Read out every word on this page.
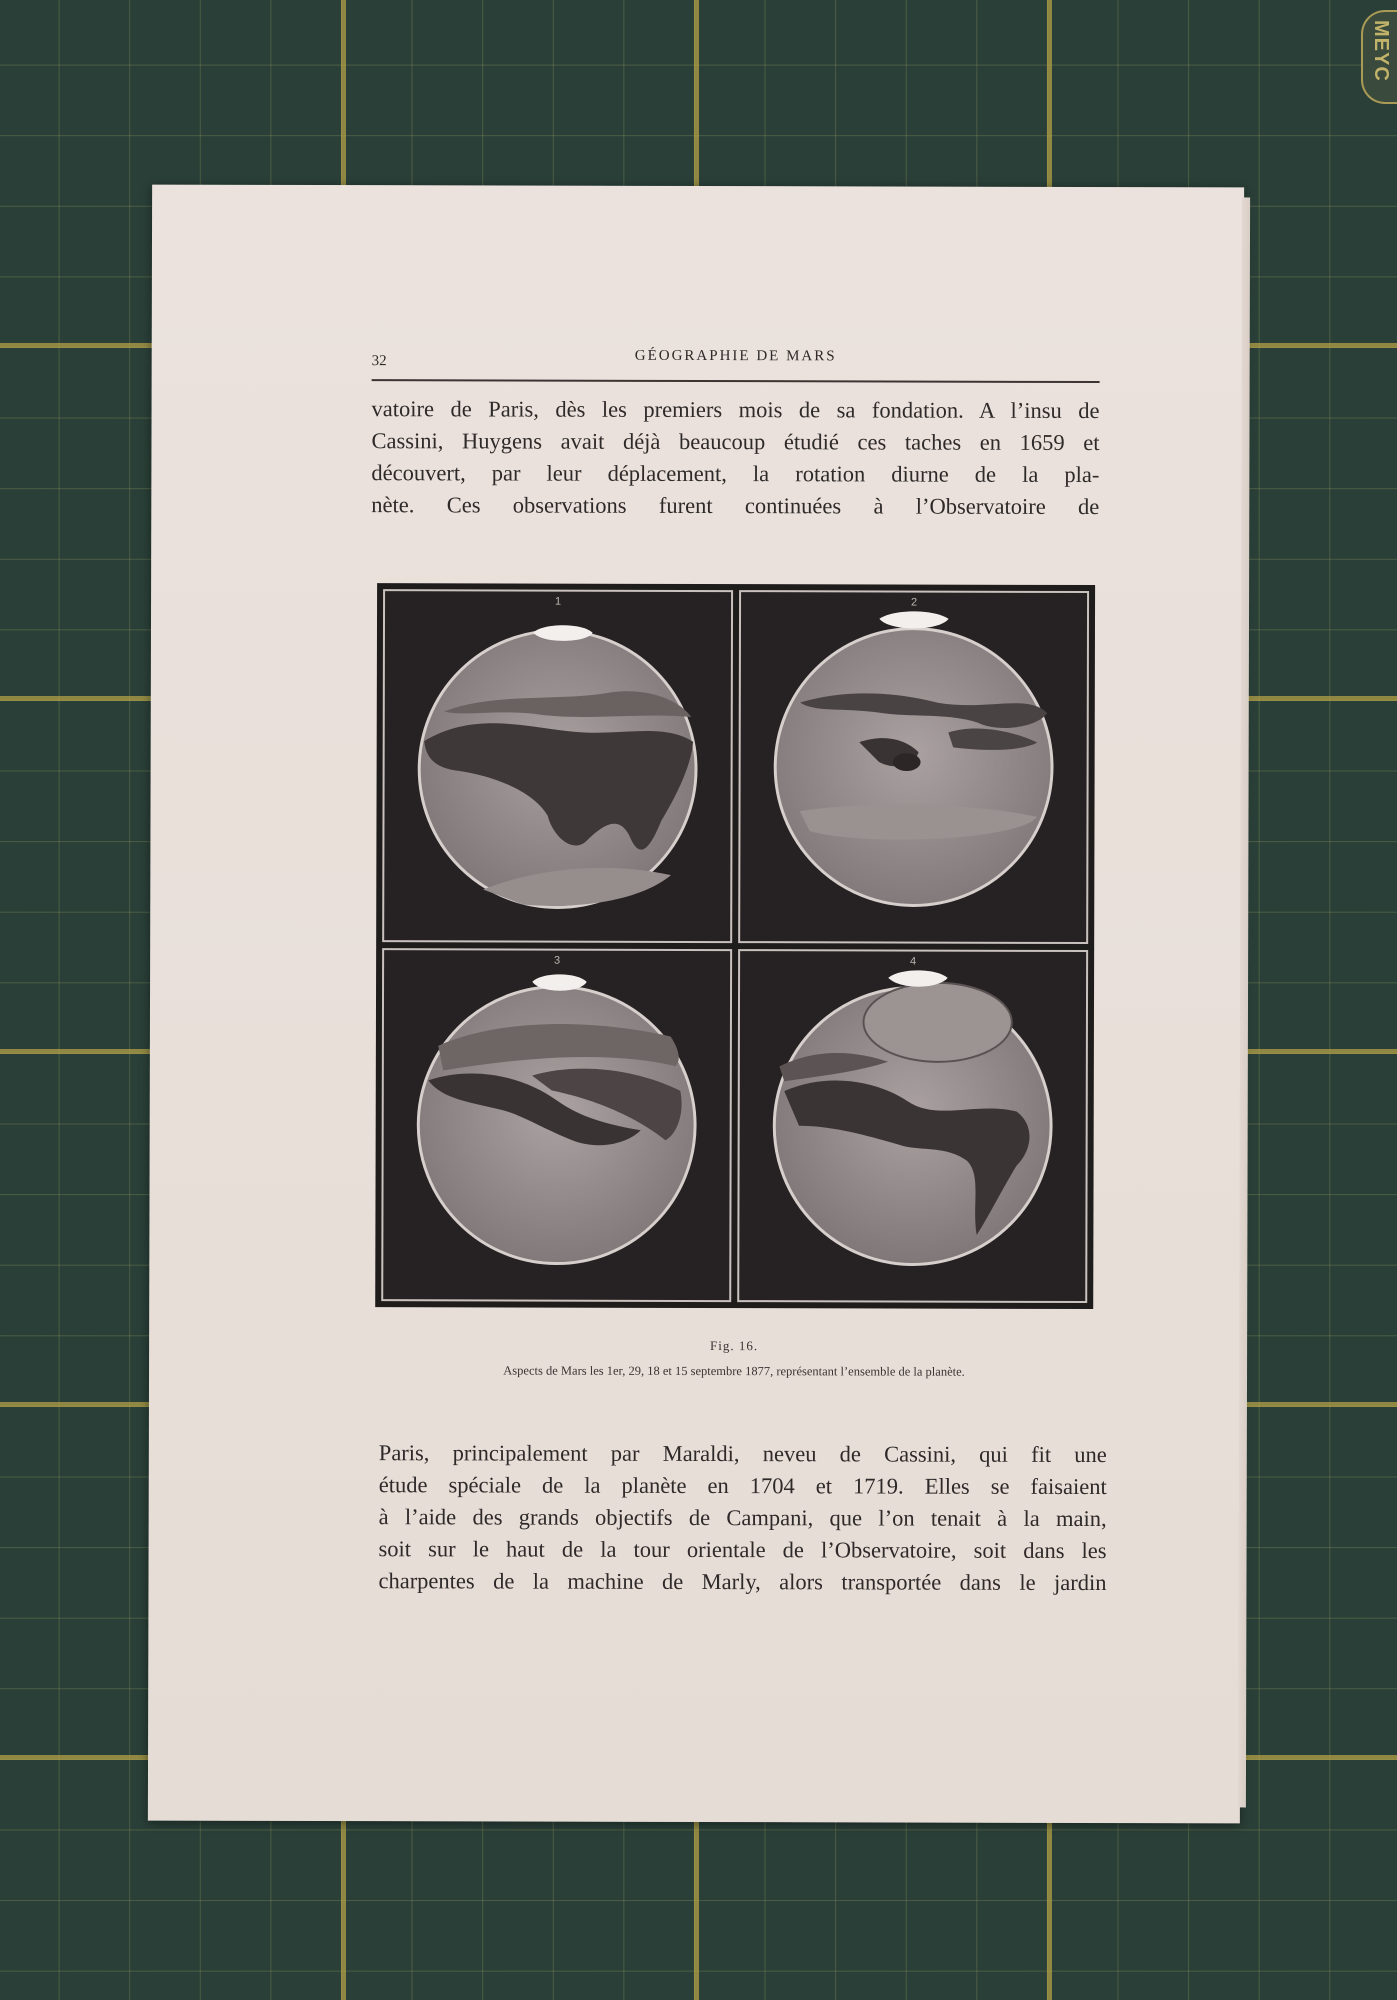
MEYC
32	GÉOGRAPHIE DE MARS

vatoire de Paris, dès les premiers mois de sa fondation. A l’insu de
Cassini, Huygens avait déjà beaucoup étudié ces taches en 1659 et
découvert, par leur déplacement, la rotation diurne de la pla-
nète. Ces observations furent continuées à l’Observatoire de

1	2
3	4
Fig. 16.
Aspects de Mars les 1er, 29, 18 et 15 septembre 1877, représentant l’ensemble de la planète.

Paris, principalement par Maraldi, neveu de Cassini, qui fit une
étude spéciale de la planète en 1704 et 1719. Elles se faisaient
à l’aide des grands objectifs de Campani, que l’on tenait à la main,
soit sur le haut de la tour orientale de l’Observatoire, soit dans les
charpentes de la machine de Marly, alors transportée dans le jardin
